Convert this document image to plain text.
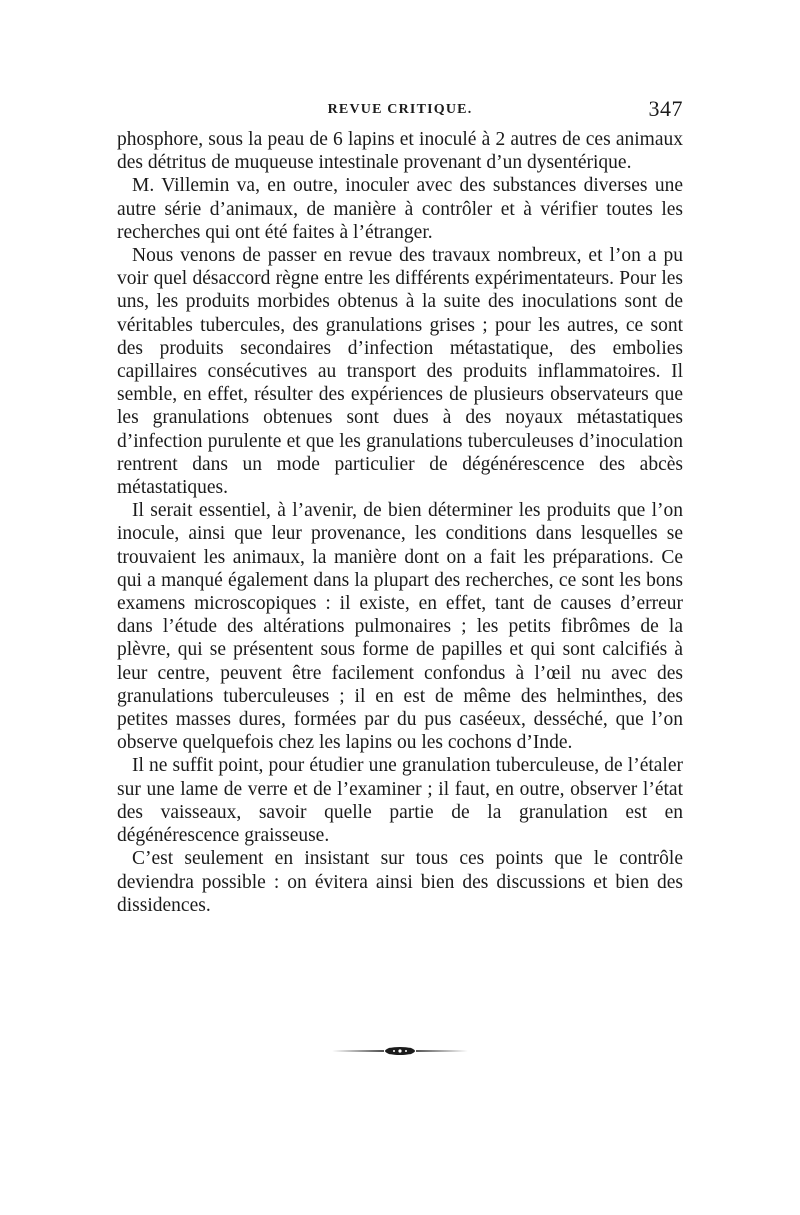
REVUE CRITIQUE.	347

phosphore, sous la peau de 6 lapins et inoculé à 2 autres de ces animaux des détritus de muqueuse intestinale provenant d’un dysentérique.

M. Villemin va, en outre, inoculer avec des substances diverses une autre série d’animaux, de manière à contrôler et à vérifier toutes les recherches qui ont été faites à l’étranger.

Nous venons de passer en revue des travaux nombreux, et l’on a pu voir quel désaccord règne entre les différents expérimentateurs. Pour les uns, les produits morbides obtenus à la suite des inoculations sont de véritables tubercules, des granulations grises ; pour les autres, ce sont des produits secondaires d’infection métastatique, des embolies capillaires consécutives au transport des produits inflammatoires. Il semble, en effet, résulter des expériences de plusieurs observateurs que les granulations obtenues sont dues à des noyaux métastatiques d’infection purulente et que les granulations tuberculeuses d’inoculation rentrent dans un mode particulier de dégénérescence des abcès métastatiques.

Il serait essentiel, à l’avenir, de bien déterminer les produits que l’on inocule, ainsi que leur provenance, les conditions dans lesquelles se trouvaient les animaux, la manière dont on a fait les préparations. Ce qui a manqué également dans la plupart des recherches, ce sont les bons examens microscopiques : il existe, en effet, tant de causes d’erreur dans l’étude des altérations pulmonaires ; les petits fibrômes de la plèvre, qui se présentent sous forme de papilles et qui sont calcifiés à leur centre, peuvent être facilement confondus à l’œil nu avec des granulations tuberculeuses ; il en est de même des helminthes, des petites masses dures, formées par du pus caséeux, desséché, que l’on observe quelquefois chez les lapins ou les cochons d’Inde.

Il ne suffit point, pour étudier une granulation tuberculeuse, de l’étaler sur une lame de verre et de l’examiner ; il faut, en outre, observer l’état des vaisseaux, savoir quelle partie de la granulation est en dégénérescence graisseuse.

C’est seulement en insistant sur tous ces points que le contrôle deviendra possible : on évitera ainsi bien des discussions et bien des dissidences.
